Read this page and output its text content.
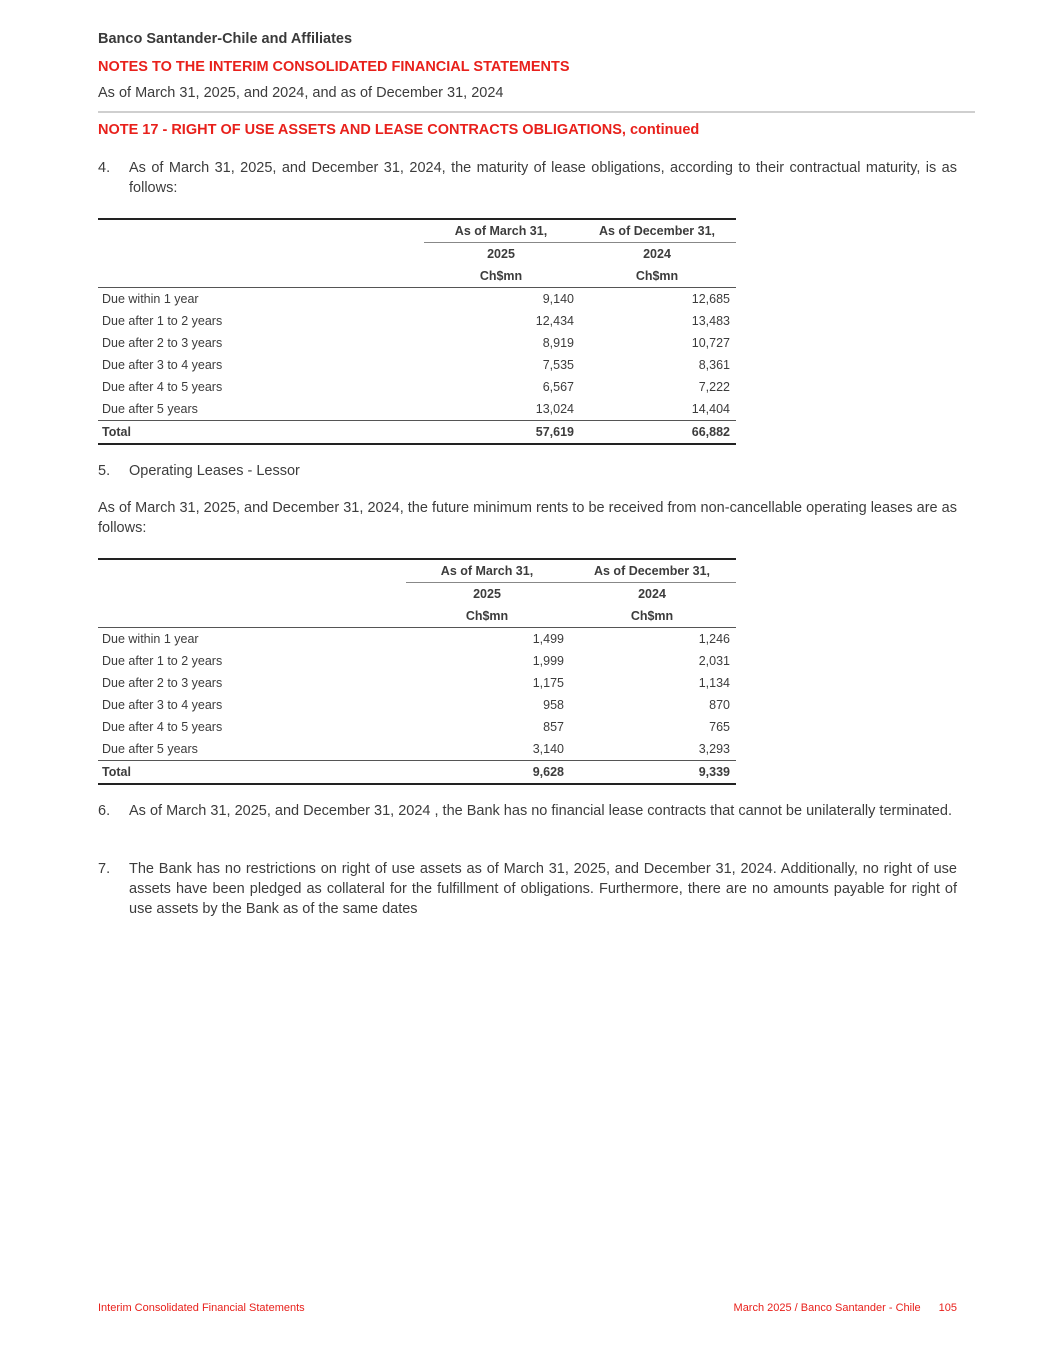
Banco Santander-Chile and Affiliates
NOTES TO THE INTERIM CONSOLIDATED FINANCIAL STATEMENTS
As of March 31, 2025, and 2024, and as of December 31, 2024
NOTE 17 - RIGHT OF USE ASSETS AND LEASE CONTRACTS OBLIGATIONS, continued
4.	As of March 31, 2025, and December 31, 2024, the maturity of lease obligations, according to their contractual maturity, is as follows:
	As of March 31,	As of December 31,
	2025	2024
	Ch$mn	Ch$mn
Due within 1 year	9,140	12,685
Due after 1 to 2 years	12,434	13,483
Due after 2 to 3 years	8,919	10,727
Due after 3 to 4 years	7,535	8,361
Due after 4 to 5 years	6,567	7,222
Due after 5 years	13,024	14,404
Total	57,619	66,882
5.	Operating Leases - Lessor
As of March 31, 2025, and December 31, 2024, the future minimum rents to be received from non-cancellable operating leases are as follows:
	As of March 31,	As of December 31,
	2025	2024
	Ch$mn	Ch$mn
Due within 1 year	1,499	1,246
Due after 1 to 2 years	1,999	2,031
Due after 2 to 3 years	1,175	1,134
Due after 3 to 4 years	958	870
Due after 4 to 5 years	857	765
Due after 5 years	3,140	3,293
Total	9,628	9,339
6.	As of March 31, 2025, and December 31, 2024 , the Bank has no financial lease contracts that cannot be unilaterally terminated.
7.	The Bank has no restrictions on right of use assets as of March 31, 2025, and December 31, 2024. Additionally, no right of use assets have been pledged as collateral for the fulfillment of obligations. Furthermore, there are no amounts payable for right of use assets by the Bank as of the same dates
Interim Consolidated Financial Statements	March 2025 / Banco Santander - Chile 105
